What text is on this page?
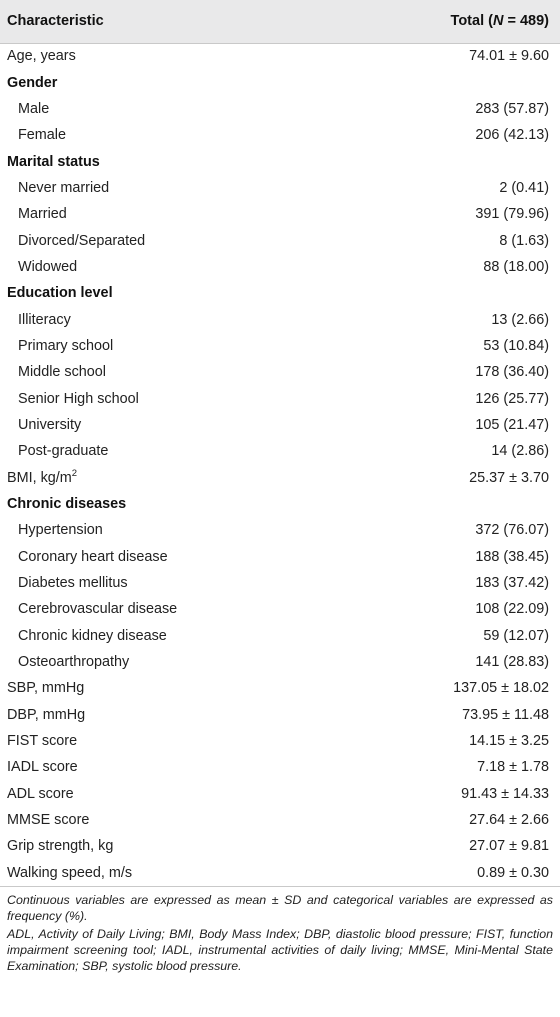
Characteristic	Total (N = 489)
Age, years	74.01 ± 9.60
Gender	
Male	283 (57.87)
Female	206 (42.13)
Marital status	
Never married	2 (0.41)
Married	391 (79.96)
Divorced/Separated	8 (1.63)
Widowed	88 (18.00)
Education level	
Illiteracy	13 (2.66)
Primary school	53 (10.84)
Middle school	178 (36.40)
Senior High school	126 (25.77)
University	105 (21.47)
Post-graduate	14 (2.86)
BMI, $kg/m^2$	25.37 ± 3.70
Chronic diseases	
Hypertension	372 (76.07)
Coronary heart disease	188 (38.45)
Diabetes mellitus	183 (37.42)
Cerebrovascular disease	108 (22.09)
Chronic kidney disease	59 (12.07)
Osteoarthropathy	141 (28.83)
SBP, mmHg	137.05 ± 18.02
DBP, mmHg	73.95 ± 11.48
FIST score	14.15 ± 3.25
IADL score	7.18 ± 1.78
ADL score	91.43 ± 14.33
MMSE score	27.64 ± 2.66
Grip strength, kg	27.07 ± 9.81
Walking speed, m/s	0.89 ± 0.30

Continuous variables are expressed as mean ± SD and categorical variables are expressed as frequency (%).

ADL, Activity of Daily Living; BMI, Body Mass Index; DBP, diastolic blood pressure; FIST, function impairment screening tool; IADL, instrumental activities of daily living; MMSE, Mini-Mental State Examination; SBP, systolic blood pressure.
